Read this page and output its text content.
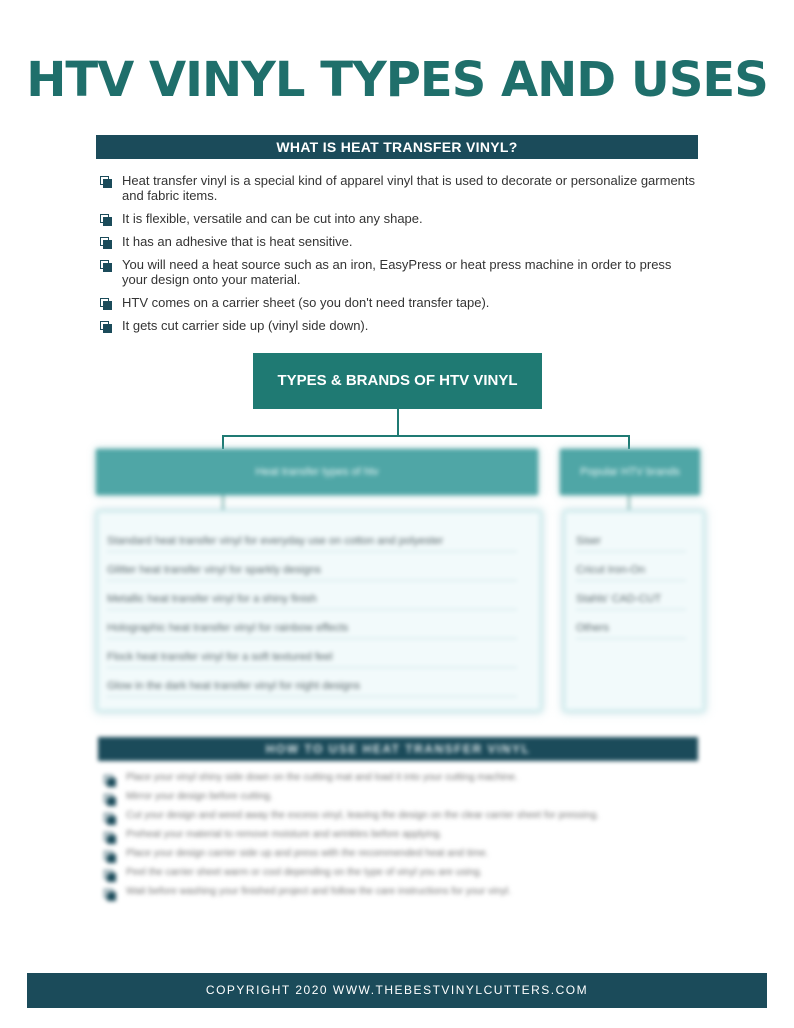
HTV VINYL TYPES AND USES
WHAT IS HEAT TRANSFER VINYL?
Heat transfer vinyl is a special kind of apparel vinyl that is used to decorate or personalize garments and fabric items.
It is flexible, versatile and can be cut into any shape.
It has an adhesive that is heat sensitive.
You will need a heat source such as an iron, EasyPress or heat press machine in order to press your design onto your material.
HTV comes on a carrier sheet (so you don't need transfer tape).
It gets cut carrier side up (vinyl side down).
TYPES & BRANDS OF HTV VINYL
Heat transfer types of htv	Popular HTV brands
Standard heat transfer vinyl for everyday use on cotton and polyester
Glitter heat transfer vinyl for sparkly designs
Metallic heat transfer vinyl for a shiny finish
Holographic heat transfer vinyl for rainbow effects
Flock heat transfer vinyl for a soft textured feel
Glow in the dark heat transfer vinyl for night designs
Siser
Cricut Iron-On
Stahls' CAD-CUT
Others
HOW TO USE HEAT TRANSFER VINYL
Place your vinyl shiny side down on the cutting mat and load it into your cutting machine.
Mirror your design before cutting.
Cut your design and weed away the excess vinyl, leaving the design on the clear carrier sheet for pressing.
Preheat your material to remove moisture and wrinkles before applying.
Place your design carrier side up and press with the recommended heat and time.
Peel the carrier sheet warm or cool depending on the type of vinyl you are using.
Wait before washing your finished project and follow the care instructions for your vinyl.
COPYRIGHT 2020 WWW.THEBESTVINYLCUTTERS.COM
